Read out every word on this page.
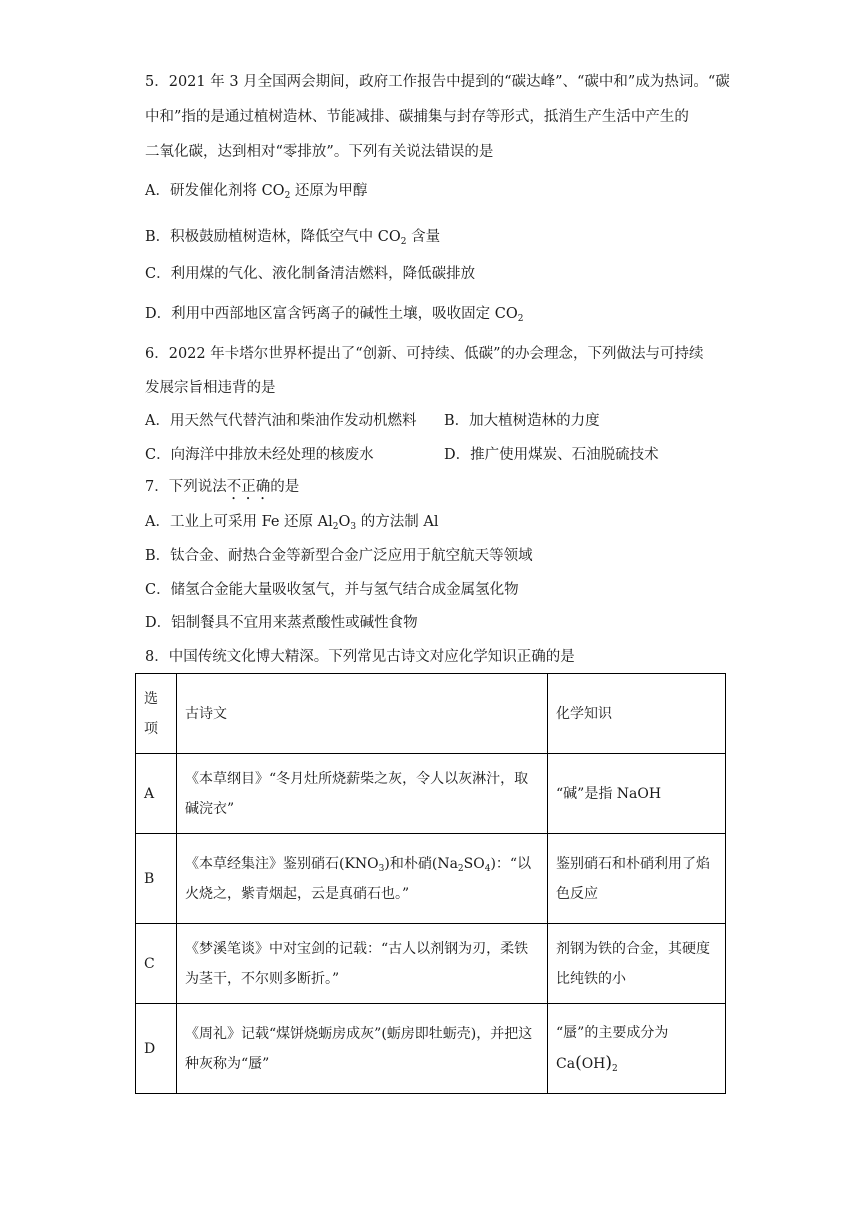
5．2021 年 3 月全国两会期间，政府工作报告中提到的“碳达峰”、“碳中和”成为热词。“碳
中和”指的是通过植树造林、节能减排、碳捕集与封存等形式，抵消生产生活中产生的
二氧化碳，达到相对“零排放”。下列有关说法错误的是
A．研发催化剂将 $CO_2$ 还原为甲醇
B．积极鼓励植树造林，降低空气中 $CO_2$ 含量
C．利用煤的气化、液化制备清洁燃料，降低碳排放
D．利用中西部地区富含钙离子的碱性土壤，吸收固定 $CO_2$
6．2022 年卡塔尔世界杯提出了“创新、可持续、低碳”的办会理念，下列做法与可持续
发展宗旨相违背的是
A．用天然气代替汽油和柴油作发动机燃料 B．加大植树造林的力度
C．向海洋中排放未经处理的核废水	D．推广使用煤炭、石油脱硫技术
7．下列说法不正确的是
A．工业上可采用 Fe 还原 $Al_2O_3$ 的方法制 Al
B．钛合金、耐热合金等新型合金广泛应用于航空航天等领域
C．储氢合金能大量吸收氢气，并与氢气结合成金属氢化物
D．铝制餐具不宜用来蒸煮酸性或碱性食物
8．中国传统文化博大精深。下列常见古诗文对应化学知识正确的是
选项	古诗文	化学知识
A	《本草纲目》“冬月灶所烧薪柴之灰，令人以灰淋汁，取碱浣衣”	“碱”是指 NaOH
B	《本草经集注》鉴别硝石$(KNO_3)$和朴硝$(Na_2SO_4)$：“以火烧之，紫青烟起，云是真硝石也。”	鉴别硝石和朴硝利用了焰色反应
C	《梦溪笔谈》中对宝剑的记载：“古人以剂钢为刃，柔铁为茎干，不尔则多断折。”	剂钢为铁的合金，其硬度比纯铁的小
D	《周礼》记载“煤饼烧蛎房成灰”(蛎房即牡蛎壳)，并把这种灰称为“蜃”	“蜃”的主要成分为
$Ca(OH)_2$
